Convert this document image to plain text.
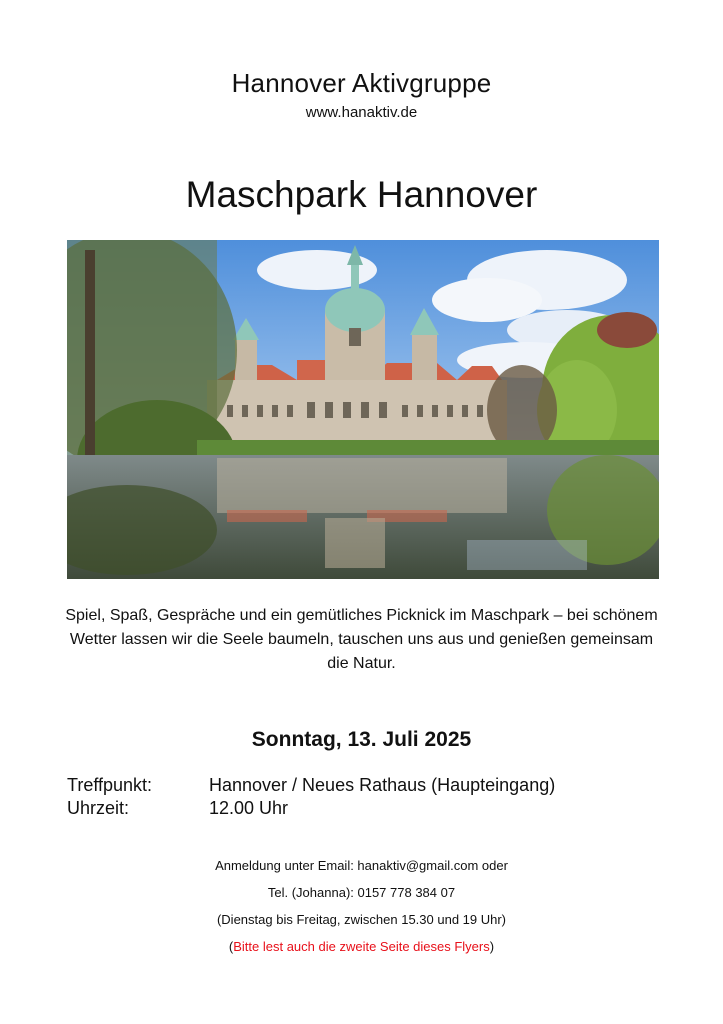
Hannover Aktivgruppe
www.hanaktiv.de
Maschpark Hannover
Spiel, Spaß, Gespräche und ein gemütliches Picknick im Maschpark – bei schönem Wetter lassen wir die Seele baumeln, tauschen uns aus und genießen gemeinsam die Natur.
Sonntag, 13. Juli 2025
Treffpunkt:	Hannover / Neues Rathaus (Haupteingang)
Uhrzeit:	12.00 Uhr
Anmeldung unter Email: hanaktiv@gmail.com oder
Tel. (Johanna): 0157 778 384 07
(Dienstag bis Freitag, zwischen 15.30 und 19 Uhr)
(Bitte lest auch die zweite Seite dieses Flyers)
